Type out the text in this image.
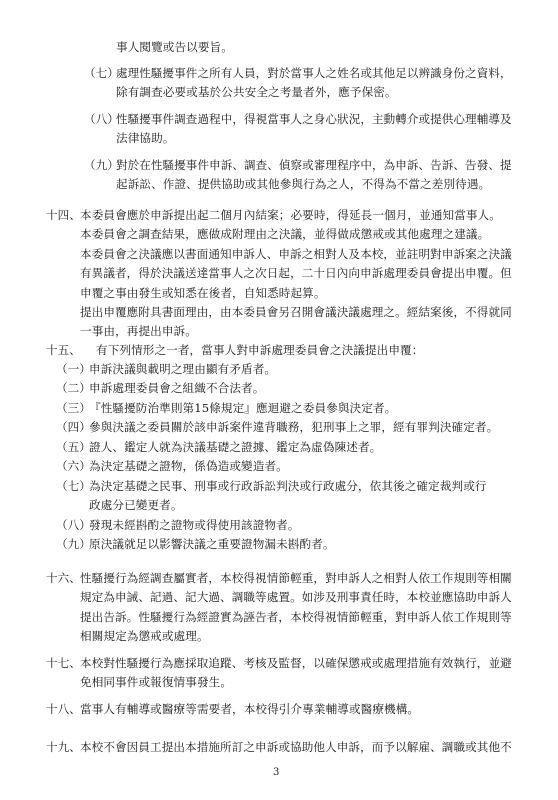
事人閱覽或告以要旨。
（七）
處理性騷擾事件之所有人員，對於當事人之姓名或其他足以辨識身份之資料，
除有調查必要或基於公共安全之考量者外，應予保密。
（八）
性騷擾事件調查過程中，得視當事人之身心狀況，主動轉介或提供心理輔導及
法律協助。
（九）
對於在性騷擾事件申訴、調查、偵察或審理程序中，為申訴、告訴、告發、提
起訴訟、作證、提供協助或其他參與行為之人，不得為不當之差別待遇。
十四、 本委員會應於申訴提出起二個月內結案；必要時，得延長一個月，並通知當事人。
本委員會之調查結果，應做成附理由之決議，並得做成懲戒或其他處理之建議。
本委員會之決議應以書面通知申訴人、申訴之相對人及本校，並註明對申訴案之決議
有異議者，得於決議送達當事人之次日起，二十日內向申訴處理委員會提出申覆。但
申覆之事由發生或知悉在後者，自知悉時起算。
提出申覆應附具書面理由，由本委員會另召開會議決議處理之。經結案後，不得就同
一事由，再提出申訴。
十五、 有下列情形之一者，當事人對申訴處理委員會之決議提出申覆：
（一）
申訴決議與載明之理由顯有矛盾者。
（二）
申訴處理委員會之組織不合法者。
（三）
『性騷擾防治準則第15條規定』應迴避之委員參與決定者。
（四）
參與決議之委員關於該申訴案件違背職務，犯刑事上之罪，經有罪判決確定者。
（五）
證人、鑑定人就為決議基礎之證據、鑑定為虛偽陳述者。
（六）
為決定基礎之證物，係偽造或變造者。
（七）
為決定基礎之民事、刑事或行政訴訟判決或行政處分，依其後之確定裁判或行
政處分已變更者。
（八）
發現未經斟酌之證物或得使用該證物者。
（九）
原決議就足以影響決議之重要證物漏未斟酌者。
十六、 性騷擾行為經調查屬實者，本校得視情節輕重，對申訴人之相對人依工作規則等相關
規定為申誡、記過、記大過、調職等處置。如涉及刑事責任時，本校並應協助申訴人
提出告訴。性騷擾行為經證實為誣告者，本校得視情節輕重，對申訴人依工作規則等
相關規定為懲戒或處理。
十七、 本校對性騷擾行為應採取追蹤、考核及監督，以確保懲戒或處理措施有效執行，並避
免相同事件或報復情事發生。
十八、 當事人有輔導或醫療等需要者，本校得引介專業輔導或醫療機構。
十九、 本校不會因員工提出本措施所訂之申訴或協助他人申訴，而予以解雇、調職或其他不
3
